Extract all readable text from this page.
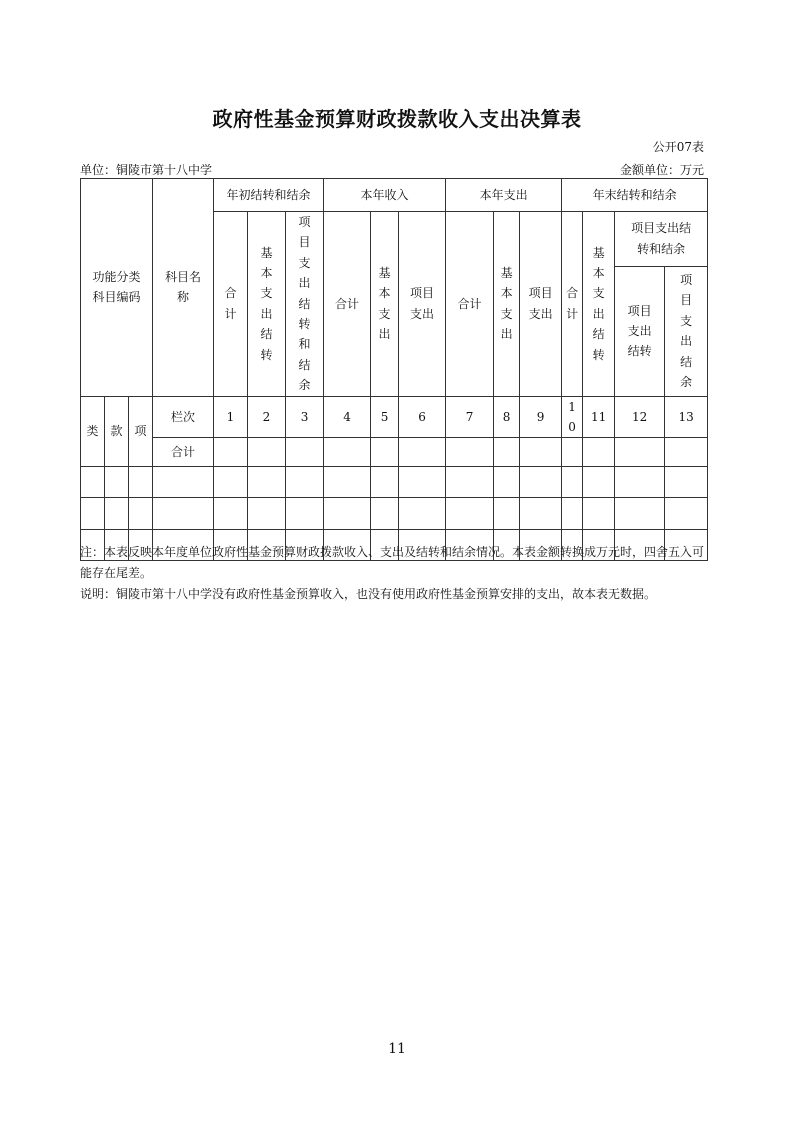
政府性基金预算财政拨款收入支出决算表
公开07表
单位：铜陵市第十八中学	金额单位：万元
功能分类科目编码			科目名称	年初结转和结余			本年收入			本年支出			年末结转和结余			
				合计	基本支出结转	项目支出结转和结余	合计	基本支出	项目支出	合计	基本支出	项目支出	合计	基本支出结转	项目支出结转和结余	
															项目支出结转	项目支出结余
类	款	项	栏次	1	2	3	4	5	6	7	8	9	10	11	12	13
			合计													

注：本表反映本年度单位政府性基金预算财政拨款收入、支出及结转和结余情况。本表金额转换成万元时，四舍五入可能存在尾差。
说明：铜陵市第十八中学没有政府性基金预算收入，也没有使用政府性基金预算安排的支出，故本表无数据。
11
